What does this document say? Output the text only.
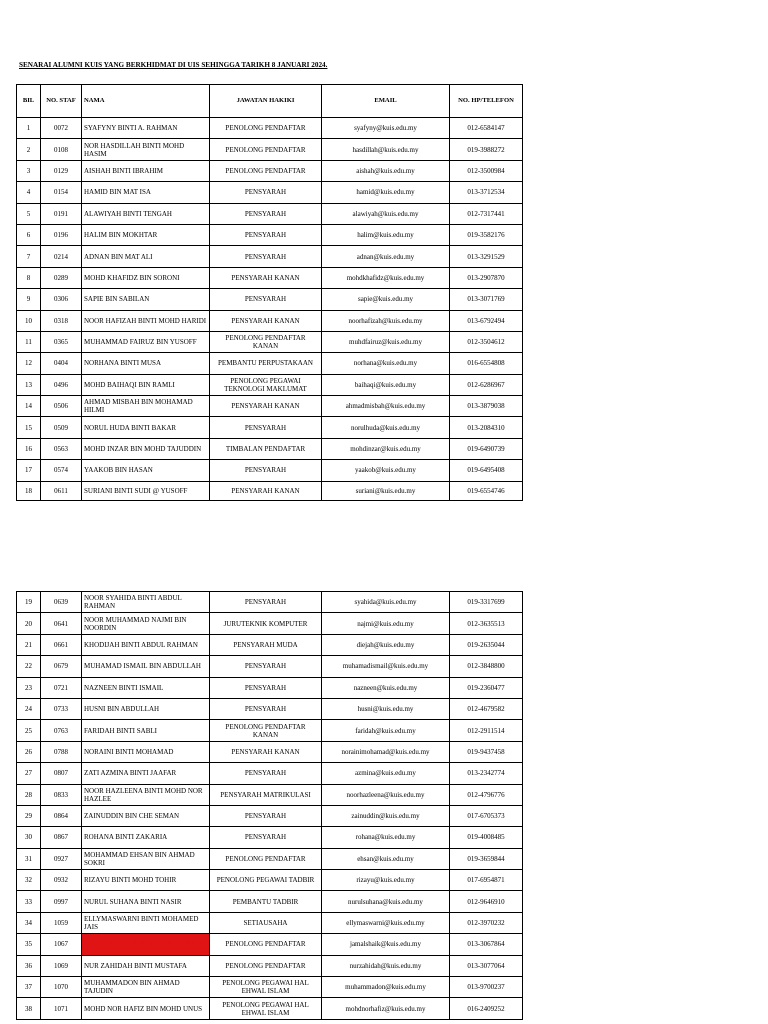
SENARAI ALUMNI KUIS YANG BERKHIDMAT DI UIS SEHINGGA TARIKH 8 JANUARI 2024.
BIL	NO. STAF	NAMA	JAWATAN HAKIKI	EMAIL	NO. HP/TELEFON
1	0072	SYAFYNY BINTI A. RAHMAN	PENOLONG PENDAFTAR	syafyny@kuis.edu.my	012-6584147
2	0108	NOR HASDILLAH BINTI MOHD HASIM	PENOLONG PENDAFTAR	hasdillah@kuis.edu.my	019-3988272
3	0129	AISHAH BINTI IBRAHIM	PENOLONG PENDAFTAR	aishah@kuis.edu.my	012-3500984
4	0154	HAMID BIN MAT ISA	PENSYARAH	hamid@kuis.edu.my	013-3712534
5	0191	ALAWIYAH BINTI TENGAH	PENSYARAH	alawiyah@kuis.edu.my	012-7317441
6	0196	HALIM BIN MOKHTAR	PENSYARAH	halim@kuis.edu.my	019-3582176
7	0214	ADNAN BIN MAT ALI	PENSYARAH	adnan@kuis.edu.my	013-3291529
8	0289	MOHD KHAFIDZ BIN SORONI	PENSYARAH KANAN	mohdkhafidz@kuis.edu.my	013-2907870
9	0306	SAPIE BIN SABILAN	PENSYARAH	sapie@kuis.edu.my	013-3071769
10	0318	NOOR HAFIZAH BINTI MOHD HARIDI	PENSYARAH KANAN	noorhafizah@kuis.edu.my	013-6792494
11	0365	MUHAMMAD FAIRUZ BIN YUSOFF	PENOLONG PENDAFTAR KANAN	muhdfairuz@kuis.edu.my	012-3504612
12	0404	NORHANA BINTI MUSA	PEMBANTU PERPUSTAKAAN	norhana@kuis.edu.my	016-6554808
13	0496	MOHD BAIHAQI BIN RAMLI	PENOLONG PEGAWAI TEKNOLOGI MAKLUMAT	baihaqi@kuis.edu.my	012-6286967
14	0506	AHMAD MISBAH BIN MOHAMAD HILMI	PENSYARAH KANAN	ahmadmisbah@kuis.edu.my	013-3879038
15	0509	NORUL HUDA BINTI BAKAR	PENSYARAH	norulhuda@kuis.edu.my	013-2084310
16	0563	MOHD INZAR BIN MOHD TAJUDDIN	TIMBALAN PENDAFTAR	mohdinzar@kuis.edu.my	019-6490739
17	0574	YAAKOB BIN HASAN	PENSYARAH	yaakob@kuis.edu.my	019-6495408
18	0611	SURIANI BINTI SUDI @ YUSOFF	PENSYARAH KANAN	suriani@kuis.edu.my	019-6554746
19	0639	NOOR SYAHIDA BINTI ABDUL RAHMAN	PENSYARAH	syahida@kuis.edu.my	019-3317699
20	0641	NOOR MUHAMMAD NAJMI BIN NOORDIN	JURUTEKNIK KOMPUTER	najmi@kuis.edu.my	012-3635513
21	0661	KHODIJAH BINTI ABDUL RAHMAN	PENSYARAH MUDA	diejah@kuis.edu.my	019-2635044
22	0679	MUHAMAD ISMAIL BIN ABDULLAH	PENSYARAH	muhamadismail@kuis.edu.my	012-3848800
23	0721	NAZNEEN BINTI ISMAIL	PENSYARAH	nazneen@kuis.edu.my	019-2360477
24	0733	HUSNI BIN ABDULLAH	PENSYARAH	husni@kuis.edu.my	012-4679582
25	0763	FARIDAH BINTI SABLI	PENOLONG PENDAFTAR KANAN	faridah@kuis.edu.my	012-2911514
26	0788	NORAINI BINTI MOHAMAD	PENSYARAH KANAN	norainimohamad@kuis.edu.my	019-9437458
27	0807	ZATI AZMINA BINTI JAAFAR	PENSYARAH	azmina@kuis.edu.my	013-2342774
28	0833	NOOR HAZLEENA BINTI MOHD NOR HAZLEE	PENSYARAH MATRIKULASI	noorhazleena@kuis.edu.my	012-4796776
29	0864	ZAINUDDIN BIN CHE SEMAN	PENSYARAH	zainuddin@kuis.edu.my	017-6705373
30	0867	ROHANA BINTI ZAKARIA	PENSYARAH	rohana@kuis.edu.my	019-4008485
31	0927	MOHAMMAD EHSAN BIN AHMAD SOKRI	PENOLONG PENDAFTAR	ehsan@kuis.edu.my	019-3659844
32	0932	RIZAYU BINTI MOHD TOHIR	PENOLONG PEGAWAI TADBIR	rizayu@kuis.edu.my	017-6954871
33	0997	NURUL SUHANA BINTI NASIR	PEMBANTU TADBIR	nurulsuhana@kuis.edu.my	012-9646910
34	1059	ELLYMASWARNI BINTI MOHAMED JAIS	SETIAUSAHA	ellymaswarni@kuis.edu.my	012-3970232
35	1067	JAMAL SHAIK BIN ABDL BARAKATH	PENOLONG PENDAFTAR	jamalshaik@kuis.edu.my	013-3067864
36	1069	NUR ZAHIDAH BINTI MUSTAFA	PENOLONG PENDAFTAR	nurzahidah@kuis.edu.my	013-3077064
37	1070	MUHAMMADON BIN AHMAD TAJUDIN	PENOLONG PEGAWAI HAL EHWAL ISLAM	muhammadon@kuis.edu.my	013-9700237
38	1071	MOHD NOR HAFIZ BIN MOHD UNUS	PENOLONG PEGAWAI HAL EHWAL ISLAM	mohdnorhafiz@kuis.edu.my	016-2409252
